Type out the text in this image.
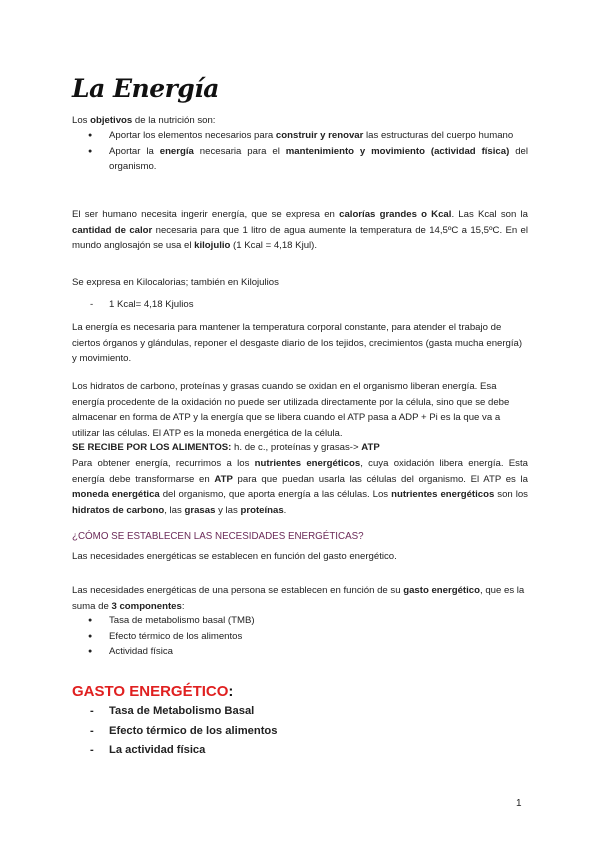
La Energía

Los objetivos de la nutrición son:

● Aportar los elementos necesarios para construir y renovar las estructuras del cuerpo humano
● Aportar la energía necesaria para el mantenimiento y movimiento (actividad física) del organismo.

El ser humano necesita ingerir energía, que se expresa en calorías grandes o Kcal. Las Kcal son la cantidad de calor necesaria para que 1 litro de agua aumente la temperatura de 14,5ºC a 15,5ºC. En el mundo anglosajón se usa el kilojulio (1 Kcal = 4,18 Kjul).

Se expresa en Kilocalorias; también en Kilojulios

- 1 Kcal= 4,18 Kjulios

La energía es necesaria para mantener la temperatura corporal constante, para atender el trabajo de ciertos órganos y glándulas, reponer el desgaste diario de los tejidos, crecimientos (gasta mucha energía) y movimiento.

Los hidratos de carbono, proteínas y grasas cuando se oxidan en el organismo liberan energía. Esa energía procedente de la oxidación no puede ser utilizada directamente por la célula, sino que se debe almacenar en forma de ATP y la energía que se libera cuando el ATP pasa a ADP + Pi es la que va a utilizar las células. El ATP es la moneda energética de la célula.

SE RECIBE POR LOS ALIMENTOS: h. de c., proteínas y grasas-> ATP

Para obtener energía, recurrimos a los nutrientes energéticos, cuya oxidación libera energía. Esta energía debe transformarse en ATP para que puedan usarla las células del organismo. El ATP es la moneda energética del organismo, que aporta energía a las células. Los nutrientes energéticos son los hidratos de carbono, las grasas y las proteínas.

¿CÓMO SE ESTABLECEN LAS NECESIDADES ENERGÉTICAS?

Las necesidades energéticas se establecen en función del gasto energético.

Las necesidades energéticas de una persona se establecen en función de su gasto energético, que es la suma de 3 componentes:

● Tasa de metabolismo basal (TMB)
● Efecto térmico de los alimentos
● Actividad física
GASTO ENERGÉTICO:
- Tasa de Metabolismo Basal
- Efecto térmico de los alimentos
- La actividad física

1
